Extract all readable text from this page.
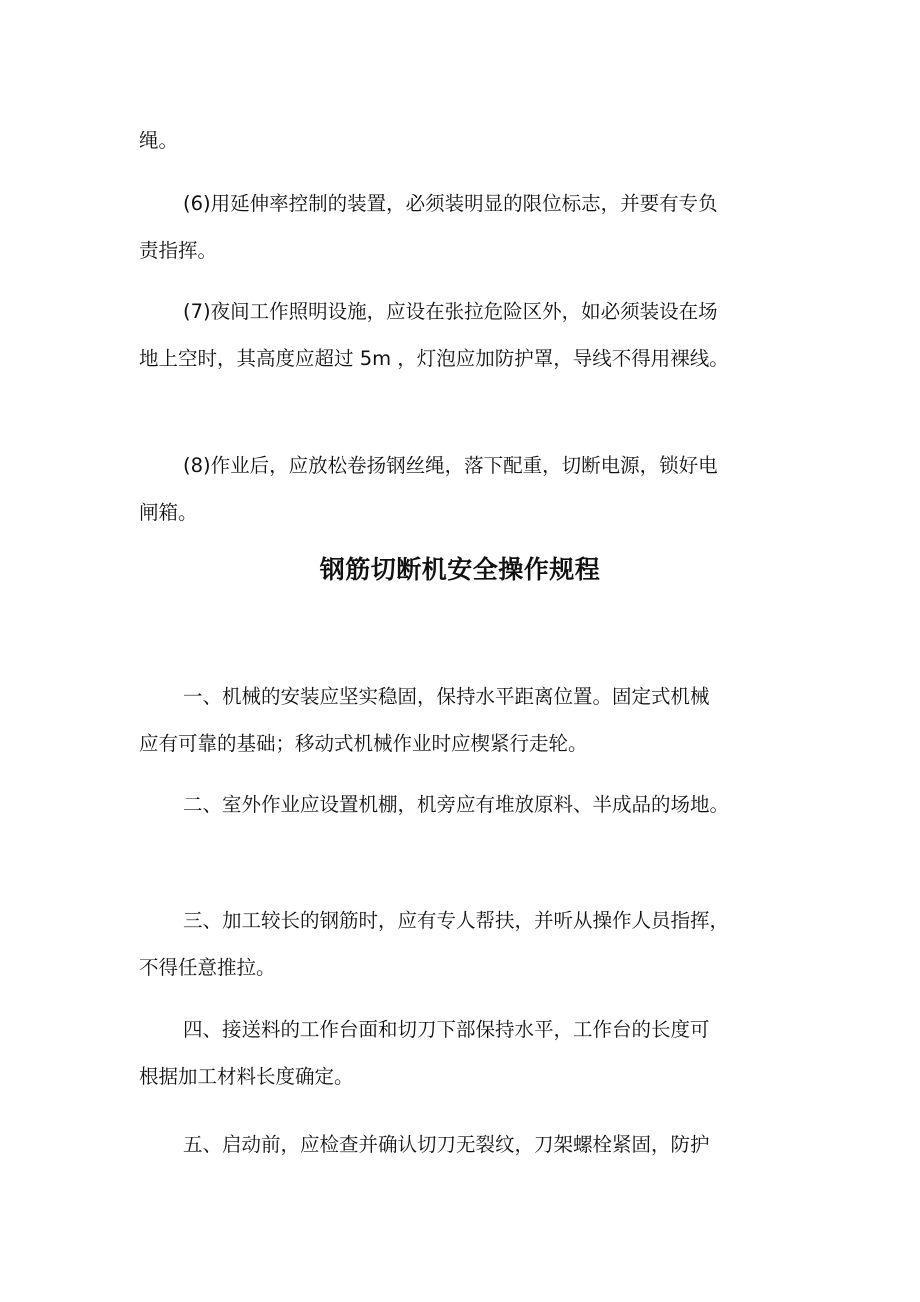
绳。

(6)用延伸率控制的装置，必须装明显的限位标志，并要有专负
责指挥。

(7)夜间工作照明设施，应设在张拉危险区外，如必须装设在场
地上空时，其高度应超过 5m ，灯泡应加防护罩，导线不得用裸线。

(8)作业后，应放松卷扬钢丝绳，落下配重，切断电源，锁好电
闸箱。

钢筋切断机安全操作规程

一、机械的安装应坚实稳固，保持水平距离位置。固定式机械
应有可靠的基础；移动式机械作业时应楔紧行走轮。

二、室外作业应设置机棚，机旁应有堆放原料、半成品的场地。

三、加工较长的钢筋时，应有专人帮扶，并听从操作人员指挥，
不得任意推拉。

四、接送料的工作台面和切刀下部保持水平，工作台的长度可
根据加工材料长度确定。

五、启动前，应检查并确认切刀无裂纹，刀架螺栓紧固，防护
